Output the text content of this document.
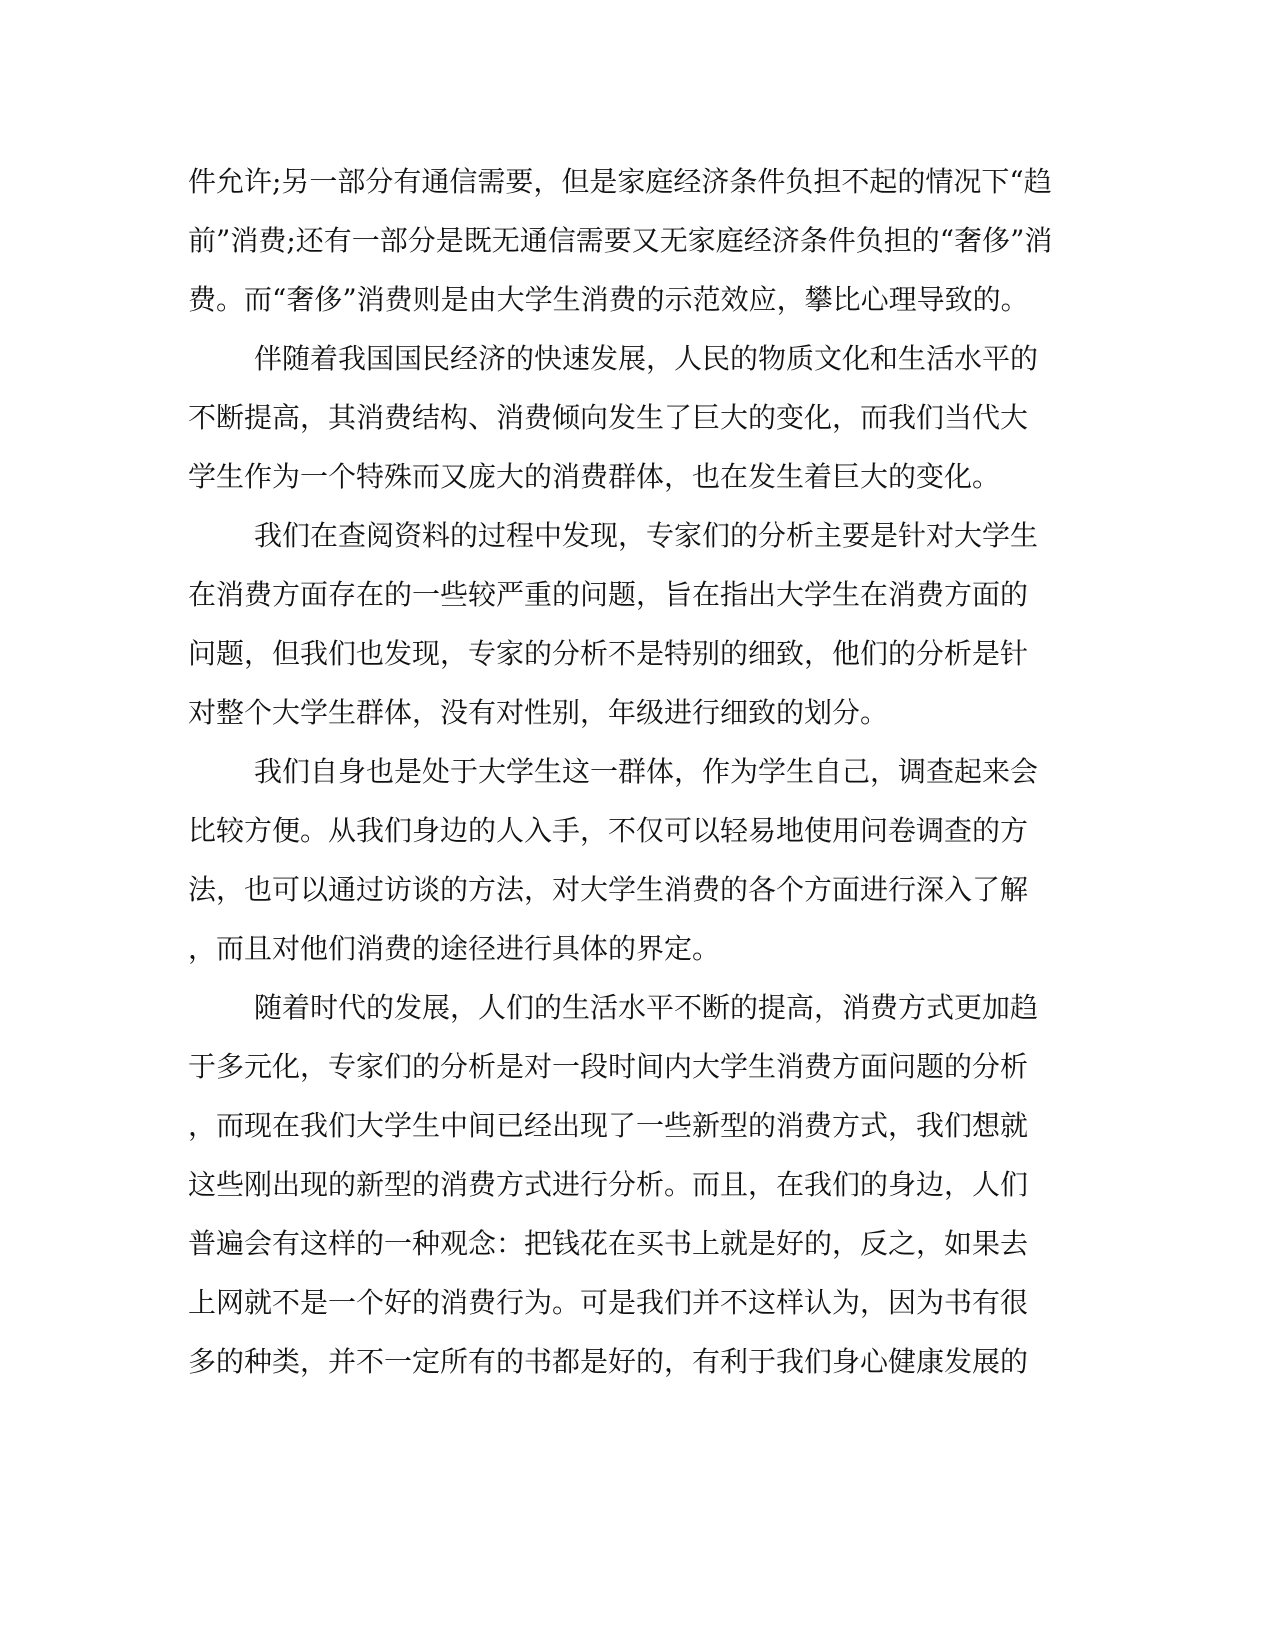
件允许;另一部分有通信需要，但是家庭经济条件负担不起的情况下“趋
前”消费;还有一部分是既无通信需要又无家庭经济条件负担的“奢侈”消
费。而“奢侈”消费则是由大学生消费的示范效应，攀比心理导致的。
伴随着我国国民经济的快速发展，人民的物质文化和生活水平的
不断提高，其消费结构、消费倾向发生了巨大的变化，而我们当代大
学生作为一个特殊而又庞大的消费群体，也在发生着巨大的变化。
我们在查阅资料的过程中发现，专家们的分析主要是针对大学生
在消费方面存在的一些较严重的问题，旨在指出大学生在消费方面的
问题，但我们也发现，专家的分析不是特别的细致，他们的分析是针
对整个大学生群体，没有对性别，年级进行细致的划分。
我们自身也是处于大学生这一群体，作为学生自己，调查起来会
比较方便。从我们身边的人入手，不仅可以轻易地使用问卷调查的方
法，也可以通过访谈的方法，对大学生消费的各个方面进行深入了解
，而且对他们消费的途径进行具体的界定。
随着时代的发展，人们的生活水平不断的提高，消费方式更加趋
于多元化，专家们的分析是对一段时间内大学生消费方面问题的分析
，而现在我们大学生中间已经出现了一些新型的消费方式，我们想就
这些刚出现的新型的消费方式进行分析。而且，在我们的身边，人们
普遍会有这样的一种观念：把钱花在买书上就是好的，反之，如果去
上网就不是一个好的消费行为。可是我们并不这样认为，因为书有很
多的种类，并不一定所有的书都是好的，有利于我们身心健康发展的
